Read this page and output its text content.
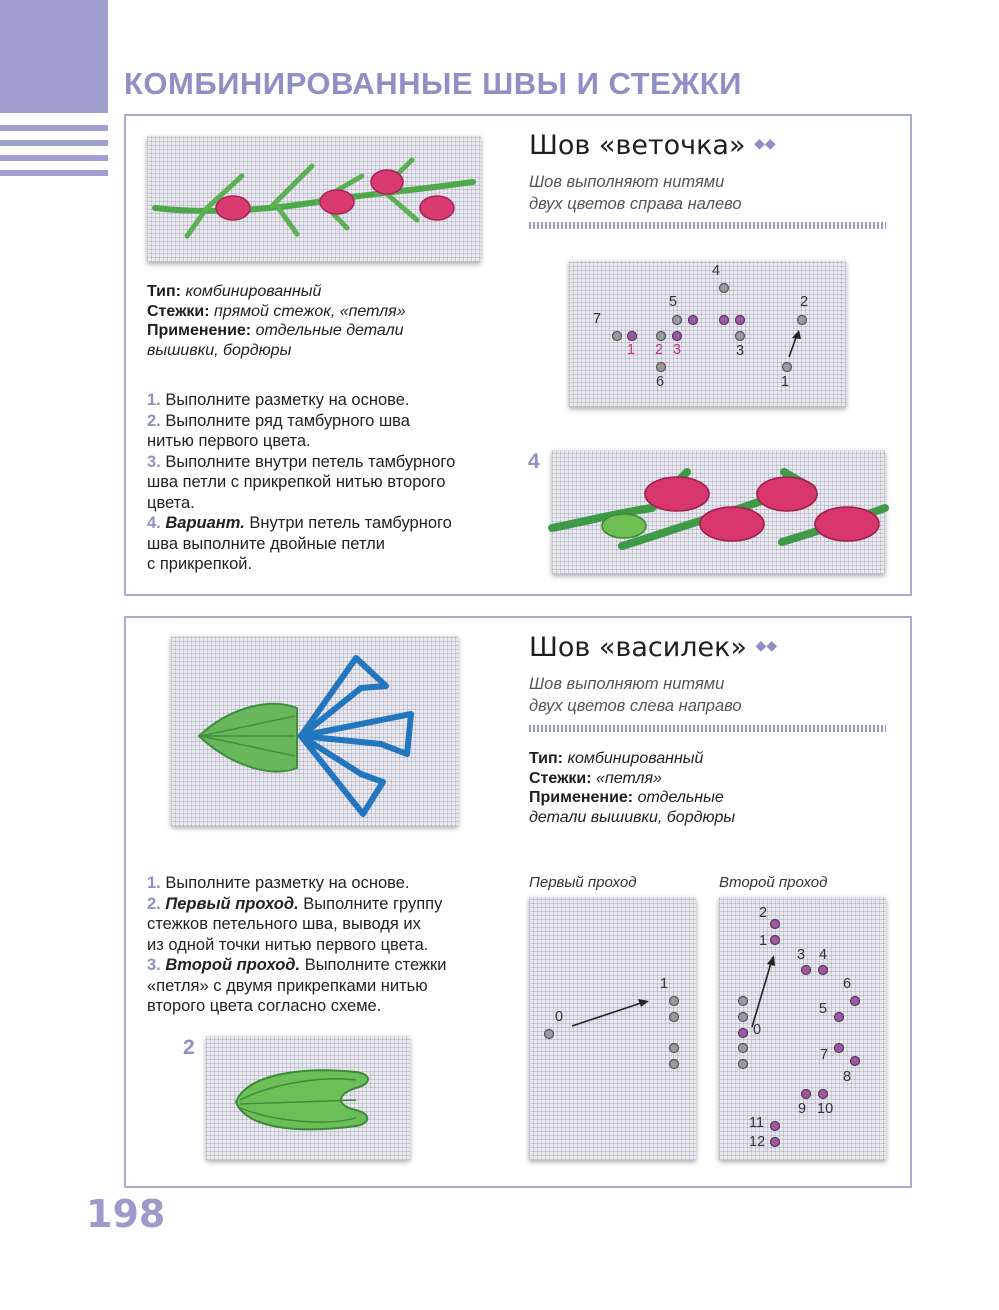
КОМБИНИРОВАННЫЕ ШВЫ И СТЕЖКИ
Шов «веточка» ◆◆
Шов выполняют нитями
двух цветов справа налево
Тип: комбинированный
Стежки: прямой стежок, «петля»
Применение: отдельные детали
вышивки, бордюры
1. Выполните разметку на основе.
2. Выполните ряд тамбурного шва
нитью первого цвета.
3. Выполните внутри петель тамбурного
шва петли с прикрепкой нитью второго
цвета.
4. Вариант. Внутри петель тамбурного
шва выполните двойные петли
с прикрепкой.
4
5	2
7
1 2 3	3
6	1
4
Шов «василек» ◆◆
Шов выполняют нитями
двух цветов слева направо
Тип: комбинированный
Стежки: «петля»
Применение: отдельные
детали вышивки, бордюры
1. Выполните разметку на основе.
2. Первый проход. Выполните группу
стежков петельного шва, выводя их
из одной точки нитью первого цвета.
3. Второй проход. Выполните стежки
«петля» с двумя прикрепками нитью
второго цвета согласно схеме.
2
Первый проход	Второй проход
0
1
2
1
3 4
6
5
0
7
8
9 10
11
12
198
